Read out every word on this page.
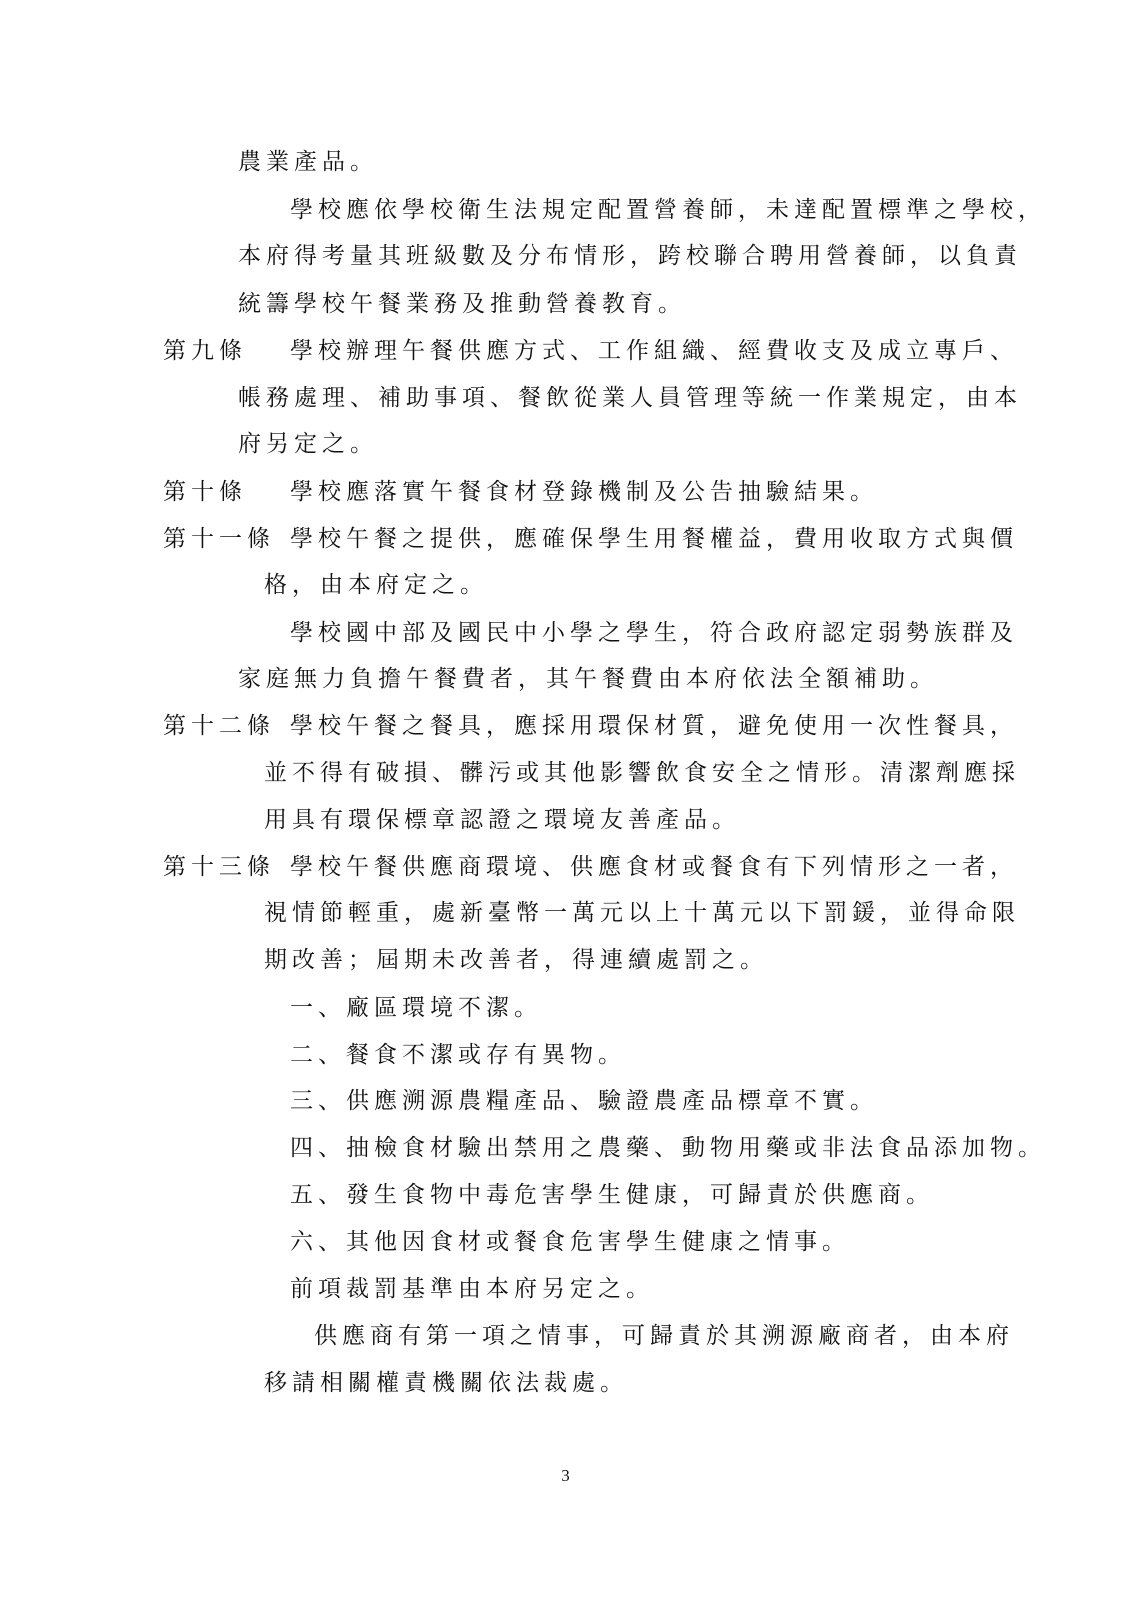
農業產品。
學校應依學校衛生法規定配置營養師，未達配置標準之學校，
本府得考量其班級數及分布情形，跨校聯合聘用營養師，以負責
統籌學校午餐業務及推動營養教育。
第九條 學校辦理午餐供應方式、工作組織、經費收支及成立專戶、
帳務處理、補助事項、餐飲從業人員管理等統一作業規定，由本
府另定之。
第十條 學校應落實午餐食材登錄機制及公告抽驗結果。
第十一條 學校午餐之提供，應確保學生用餐權益，費用收取方式與價
格，由本府定之。
學校國中部及國民中小學之學生，符合政府認定弱勢族群及
家庭無力負擔午餐費者，其午餐費由本府依法全額補助。
第十二條 學校午餐之餐具，應採用環保材質，避免使用一次性餐具，
並不得有破損、髒污或其他影響飲食安全之情形。清潔劑應採
用具有環保標章認證之環境友善產品。
第十三條 學校午餐供應商環境、供應食材或餐食有下列情形之一者，
視情節輕重，處新臺幣一萬元以上十萬元以下罰鍰，並得命限
期改善；屆期未改善者，得連續處罰之。
一、廠區環境不潔。
二、餐食不潔或存有異物。
三、供應溯源農糧產品、驗證農產品標章不實。
四、抽檢食材驗出禁用之農藥、動物用藥或非法食品添加物。
五、發生食物中毒危害學生健康，可歸責於供應商。
六、其他因食材或餐食危害學生健康之情事。
前項裁罰基準由本府另定之。
供應商有第一項之情事，可歸責於其溯源廠商者，由本府
移請相關權責機關依法裁處。
3
